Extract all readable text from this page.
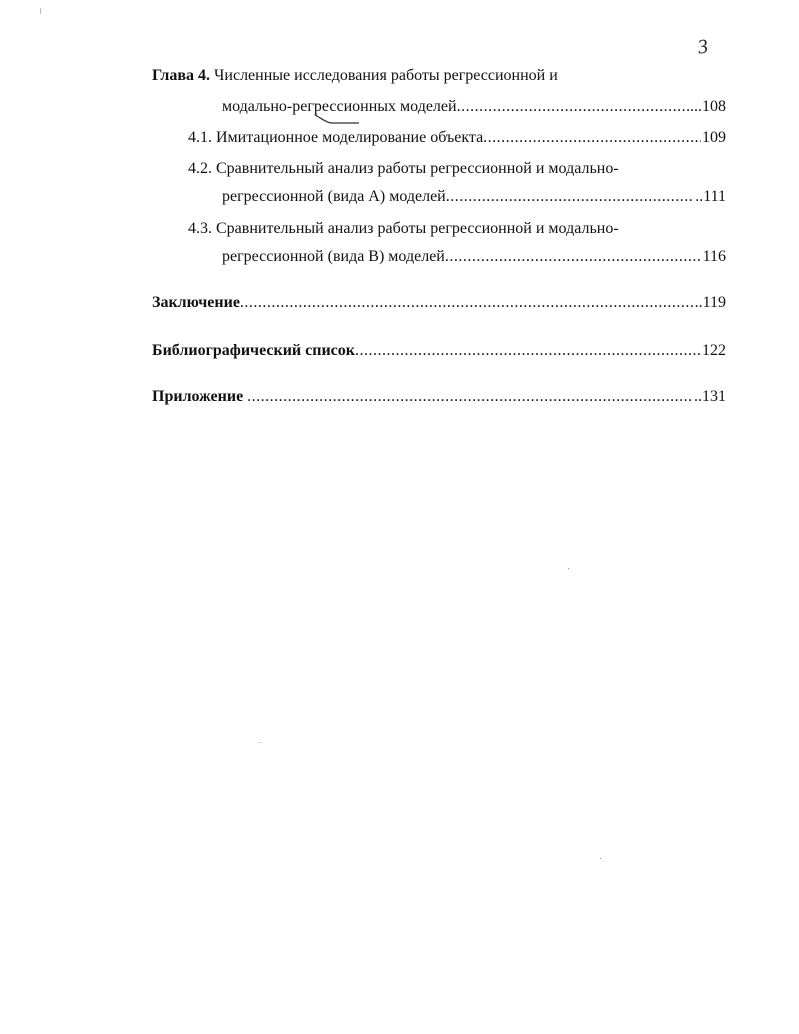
3
Глава 4. Численные исследования работы регрессионной и
модально-регрессионных моделей .....	...108
4.1. Имитационное моделирование объекта .....	109
4.2. Сравнительный анализ работы регрессионной и модально-
регрессионной (вида А) моделей .....	..111
4.3. Сравнительный анализ работы регрессионной и модально-
регрессионной (вида В) моделей .....	116
Заключение .....	..119
Библиографический список .....	122
Приложение .....	..131
